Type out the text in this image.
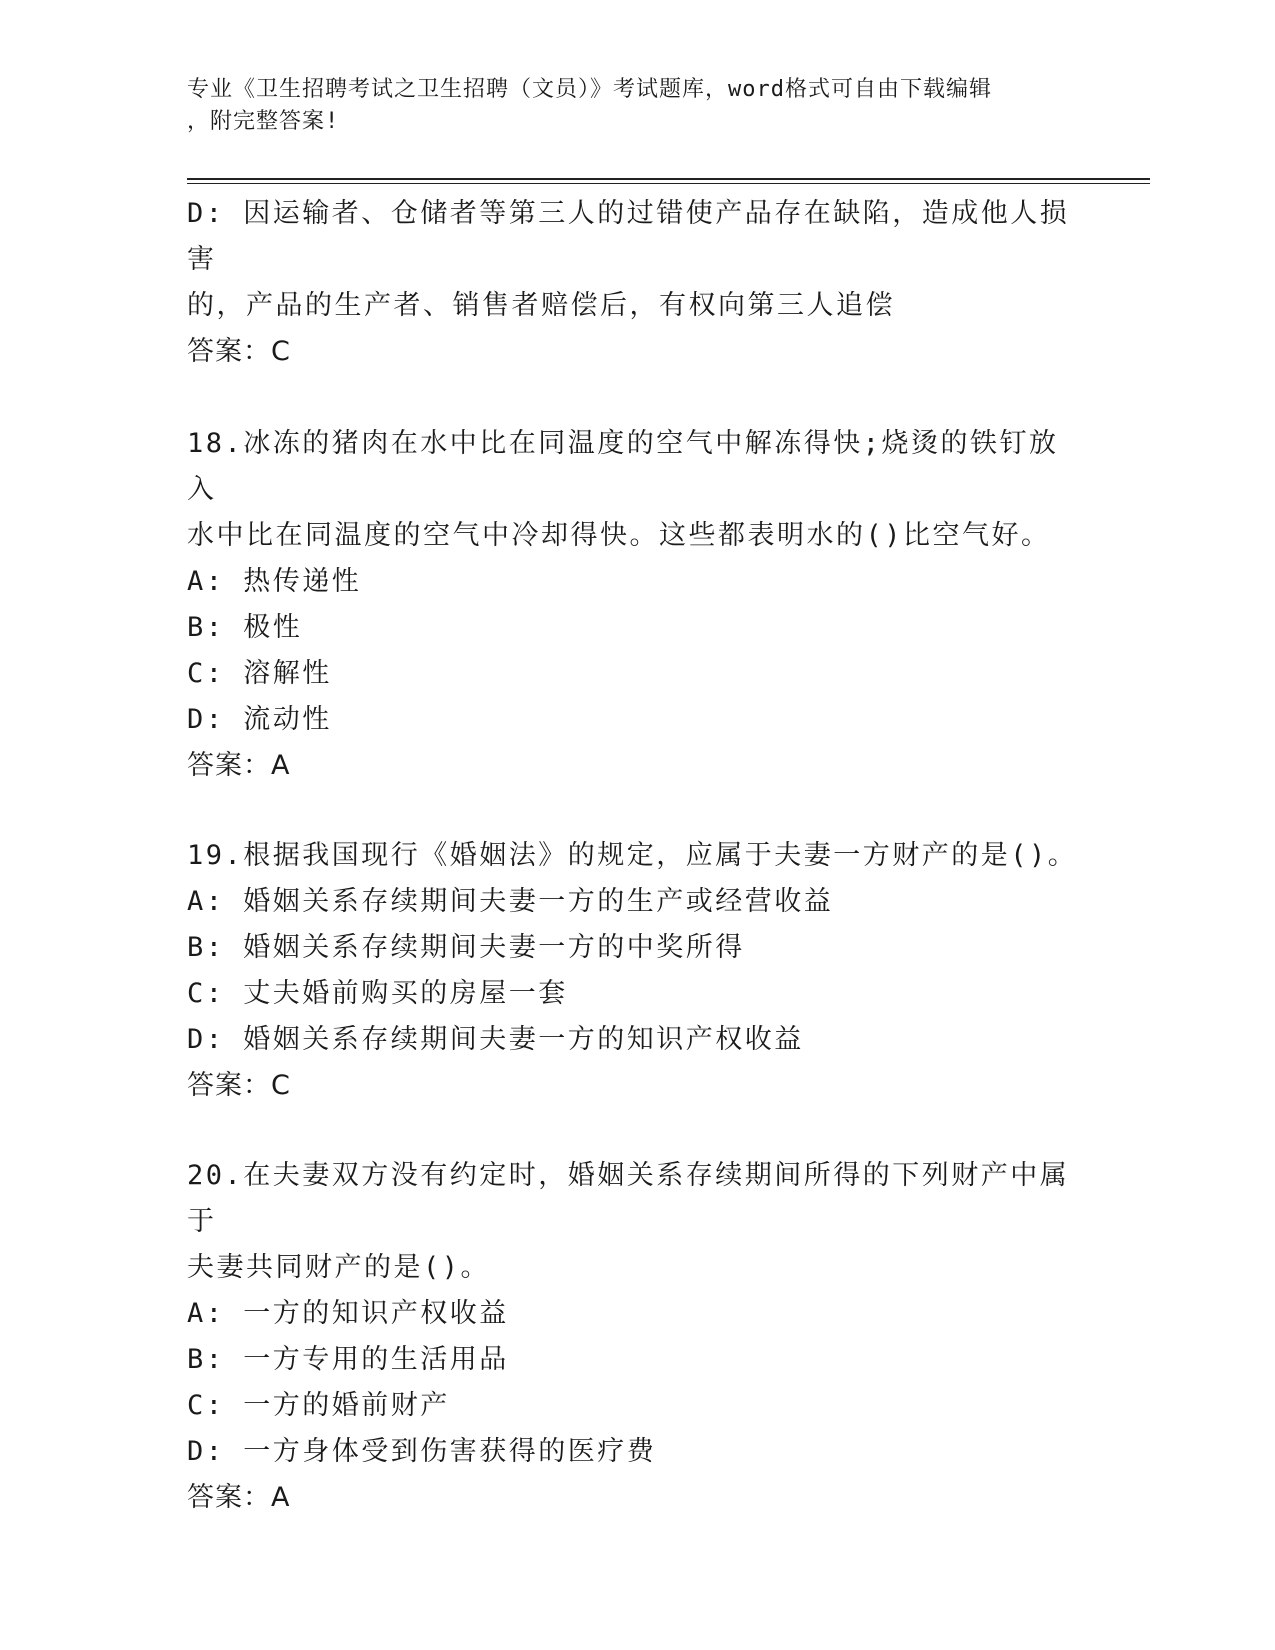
专业《卫生招聘考试之卫生招聘（文员）》考试题库，word格式可自由下载编辑

，附完整答案!

D: 因运输者、仓储者等第三人的过错使产品存在缺陷，造成他人损害

的，产品的生产者、销售者赔偿后，有权向第三人追偿

答案：C

18.冰冻的猪肉在水中比在同温度的空气中解冻得快;烧烫的铁钉放入

水中比在同温度的空气中冷却得快。这些都表明水的()比空气好。

A: 热传递性

B: 极性

C: 溶解性

D: 流动性

答案：A

19.根据我国现行《婚姻法》的规定，应属于夫妻一方财产的是()。

A: 婚姻关系存续期间夫妻一方的生产或经营收益

B: 婚姻关系存续期间夫妻一方的中奖所得

C: 丈夫婚前购买的房屋一套

D: 婚姻关系存续期间夫妻一方的知识产权收益

答案：C

20.在夫妻双方没有约定时，婚姻关系存续期间所得的下列财产中属于

夫妻共同财产的是()。

A: 一方的知识产权收益

B: 一方专用的生活用品

C: 一方的婚前财产

D: 一方身体受到伤害获得的医疗费

答案：A
